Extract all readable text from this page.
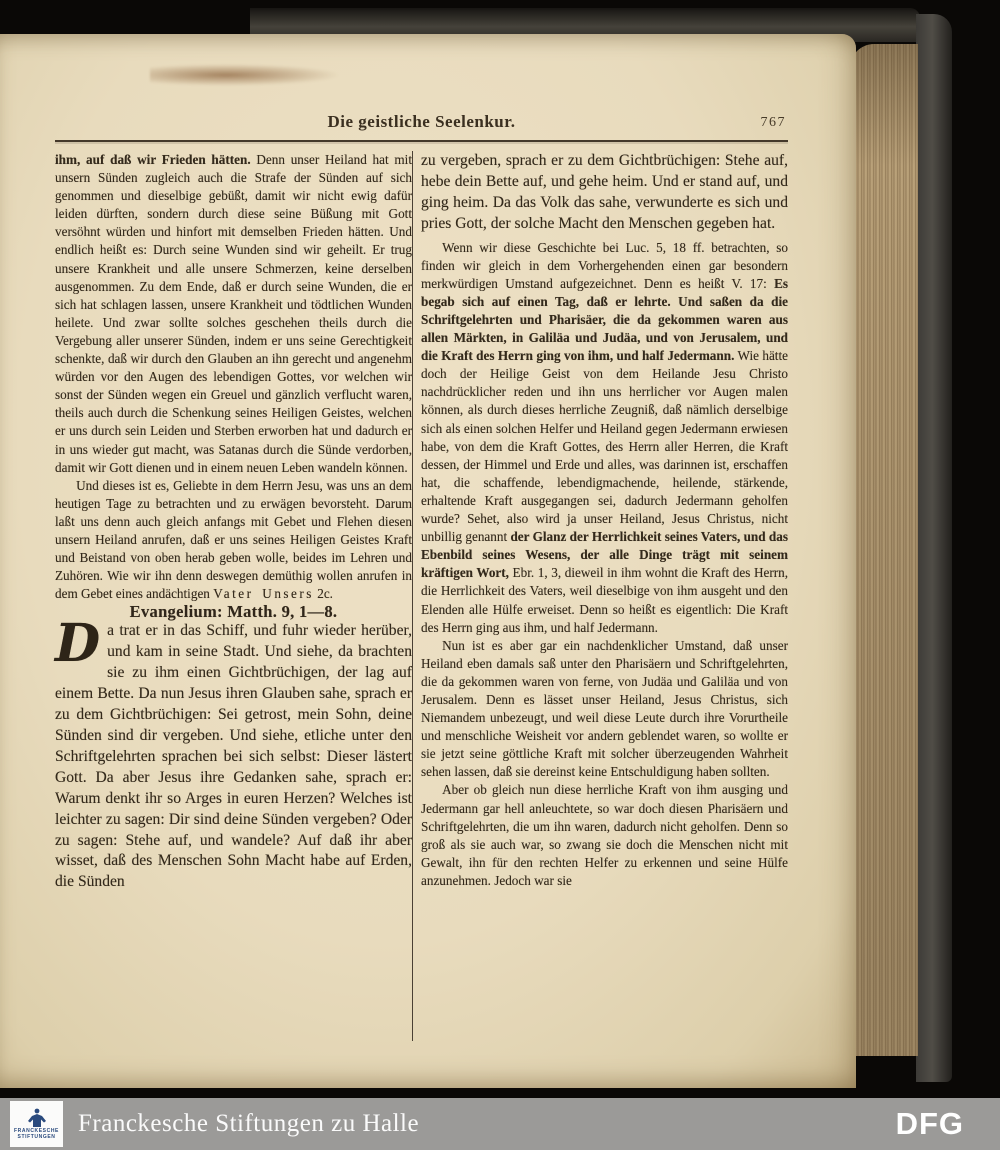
Die geistliche Seelenkur.	767

ihm, auf daß wir Frieden hätten. Denn unser Heiland hat mit unsern Sünden zugleich auch die Strafe der Sünden auf sich genommen und dieselbige gebüßt, damit wir nicht ewig dafür leiden dürften, sondern durch diese seine Büßung mit Gott versöhnt würden und hinfort mit demselben Frieden hätten. Und endlich heißt es: Durch seine Wunden sind wir geheilt. Er trug unsere Krankheit und alle unsere Schmerzen, keine derselben ausgenommen. Zu dem Ende, daß er durch seine Wunden, die er sich hat schlagen lassen, unsere Krankheit und tödtlichen Wunden heilete. Und zwar sollte solches geschehen theils durch die Vergebung aller unserer Sünden, indem er uns seine Gerechtigkeit schenkte, daß wir durch den Glauben an ihn gerecht und angenehm würden vor den Augen des lebendigen Gottes, vor welchen wir sonst der Sünden wegen ein Greuel und gänzlich verflucht waren, theils auch durch die Schenkung seines Heiligen Geistes, welchen er uns durch sein Leiden und Sterben erworben hat und dadurch er in uns wieder gut macht, was Satanas durch die Sünde verdorben, damit wir Gott dienen und in einem neuen Leben wandeln können.

Und dieses ist es, Geliebte in dem Herrn Jesu, was uns an dem heutigen Tage zu betrachten und zu erwägen bevorsteht. Darum laßt uns denn auch gleich anfangs mit Gebet und Flehen diesen unsern Heiland anrufen, daß er uns seines Heiligen Geistes Kraft und Beistand von oben herab geben wolle, beides im Lehren und Zuhören. Wie wir ihn denn deswegen demüthig wollen anrufen in dem Gebet eines andächtigen Vater Unsers 2c.

Evangelium: Matth. 9, 1—8.

Da trat er in das Schiff, und fuhr wieder herüber, und kam in seine Stadt. Und siehe, da brachten sie zu ihm einen Gichtbrüchigen, der lag auf einem Bette. Da nun Jesus ihren Glauben sahe, sprach er zu dem Gichtbrüchigen: Sei getrost, mein Sohn, deine Sünden sind dir vergeben. Und siehe, etliche unter den Schriftgelehrten sprachen bei sich selbst: Dieser lästert Gott. Da aber Jesus ihre Gedanken sahe, sprach er: Warum denkt ihr so Arges in euren Herzen? Welches ist leichter zu sagen: Dir sind deine Sünden vergeben? Oder zu sagen: Stehe auf, und wandele? Auf daß ihr aber wisset, daß des Menschen Sohn Macht habe auf Erden, die Sünden

zu vergeben, sprach er zu dem Gichtbrüchigen: Stehe auf, hebe dein Bette auf, und gehe heim. Und er stand auf, und ging heim. Da das Volk das sahe, verwunderte es sich und pries Gott, der solche Macht den Menschen gegeben hat.

Wenn wir diese Geschichte bei Luc. 5, 18 ff. betrachten, so finden wir gleich in dem Vorhergehenden einen gar besondern merkwürdigen Umstand aufgezeichnet. Denn es heißt V. 17: Es begab sich auf einen Tag, daß er lehrte. Und saßen da die Schriftgelehrten und Pharisäer, die da gekommen waren aus allen Märkten, in Galiläa und Judäa, und von Jerusalem, und die Kraft des Herrn ging von ihm, und half Jedermann. Wie hätte doch der Heilige Geist von dem Heilande Jesu Christo nachdrücklicher reden und ihn uns herrlicher vor Augen malen können, als durch dieses herrliche Zeugniß, daß nämlich derselbige sich als einen solchen Helfer und Heiland gegen Jedermann erwiesen habe, von dem die Kraft Gottes, des Herrn aller Herren, die Kraft dessen, der Himmel und Erde und alles, was darinnen ist, erschaffen hat, die schaffende, lebendigmachende, heilende, stärkende, erhaltende Kraft ausgegangen sei, dadurch Jedermann geholfen wurde? Sehet, also wird ja unser Heiland, Jesus Christus, nicht unbillig genannt der Glanz der Herrlichkeit seines Vaters, und das Ebenbild seines Wesens, der alle Dinge trägt mit seinem kräftigen Wort, Ebr. 1, 3, dieweil in ihm wohnt die Kraft des Herrn, die Herrlichkeit des Vaters, weil dieselbige von ihm ausgeht und den Elenden alle Hülfe erweiset. Denn so heißt es eigentlich: Die Kraft des Herrn ging aus ihm, und half Jedermann.

Nun ist es aber gar ein nachdenklicher Umstand, daß unser Heiland eben damals saß unter den Pharisäern und Schriftgelehrten, die da gekommen waren von ferne, von Judäa und Galiläa und von Jerusalem. Denn es lässet unser Heiland, Jesus Christus, sich Niemandem unbezeugt, und weil diese Leute durch ihre Vorurtheile und menschliche Weisheit vor andern geblendet waren, so wollte er sie jetzt seine göttliche Kraft mit solcher überzeugenden Wahrheit sehen lassen, daß sie dereinst keine Entschuldigung haben sollten.

Aber ob gleich nun diese herrliche Kraft von ihm ausging und Jedermann gar hell anleuchtete, so war doch diesen Pharisäern und Schriftgelehrten, die um ihn waren, dadurch nicht geholfen. Denn so groß als sie auch war, so zwang sie doch die Menschen nicht mit Gewalt, ihn für den rechten Helfer zu erkennen und seine Hülfe anzunehmen. Jedoch war sie

FRANCKESCHE
STIFTUNGEN Franckesche Stiftungen zu Halle	DFG
